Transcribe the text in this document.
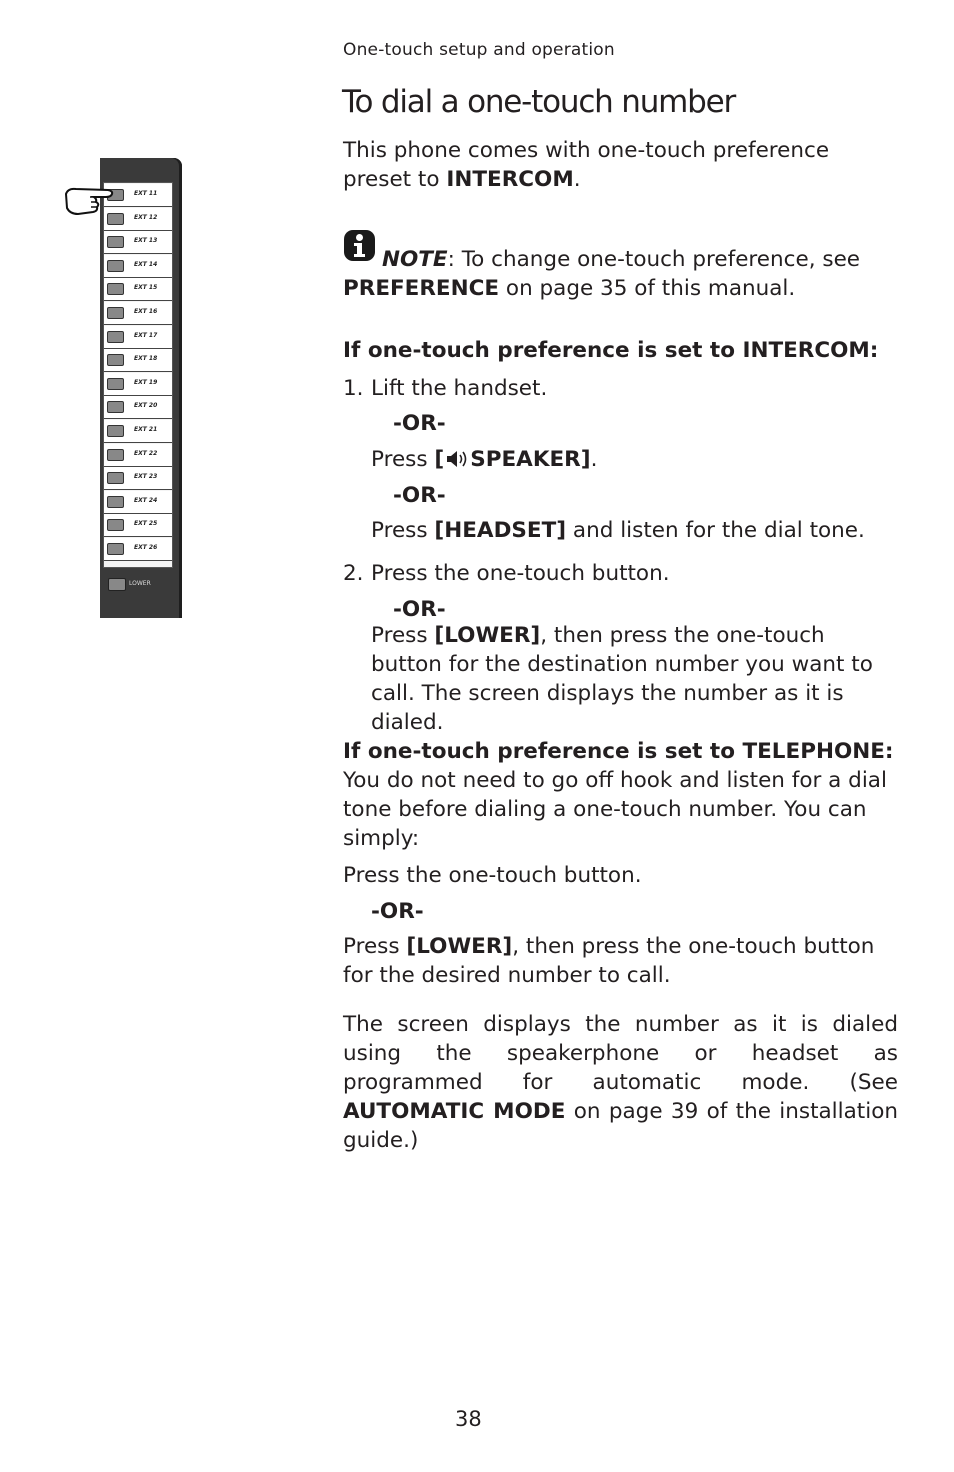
One-touch setup and operation
To dial a one-touch number
EXT 11
EXT 12
EXT 13
EXT 14
EXT 15
EXT 16
EXT 17
EXT 18
EXT 19
EXT 20
EXT 21
EXT 22
EXT 23
EXT 24
EXT 25
EXT 26
LOWER

This phone comes with one-touch preference preset to INTERCOM.

NOTE: To change one-touch preference, see PREFERENCE on page 35 of this manual.

If one-touch preference is set to INTERCOM:

1. Lift the handset.
-OR-
Press [ SPEAKER].
-OR-
Press [HEADSET] and listen for the dial tone.
2. Press the one-touch button.
-OR-
Press [LOWER], then press the one-touch button for the destination number you want to call. The screen displays the number as it is dialed.

If one-touch preference is set to TELEPHONE:

You do not need to go off hook and listen for a dial tone before dialing a one-touch number. You can simply:

Press the one-touch button.

-OR-

Press [LOWER], then press the one-touch button for the desired number to call.

The screen displays the number as it is dialed using the speakerphone or headset as programmed for automatic mode. (See AUTOMATIC MODE on page 39 of the installation guide.)

38
